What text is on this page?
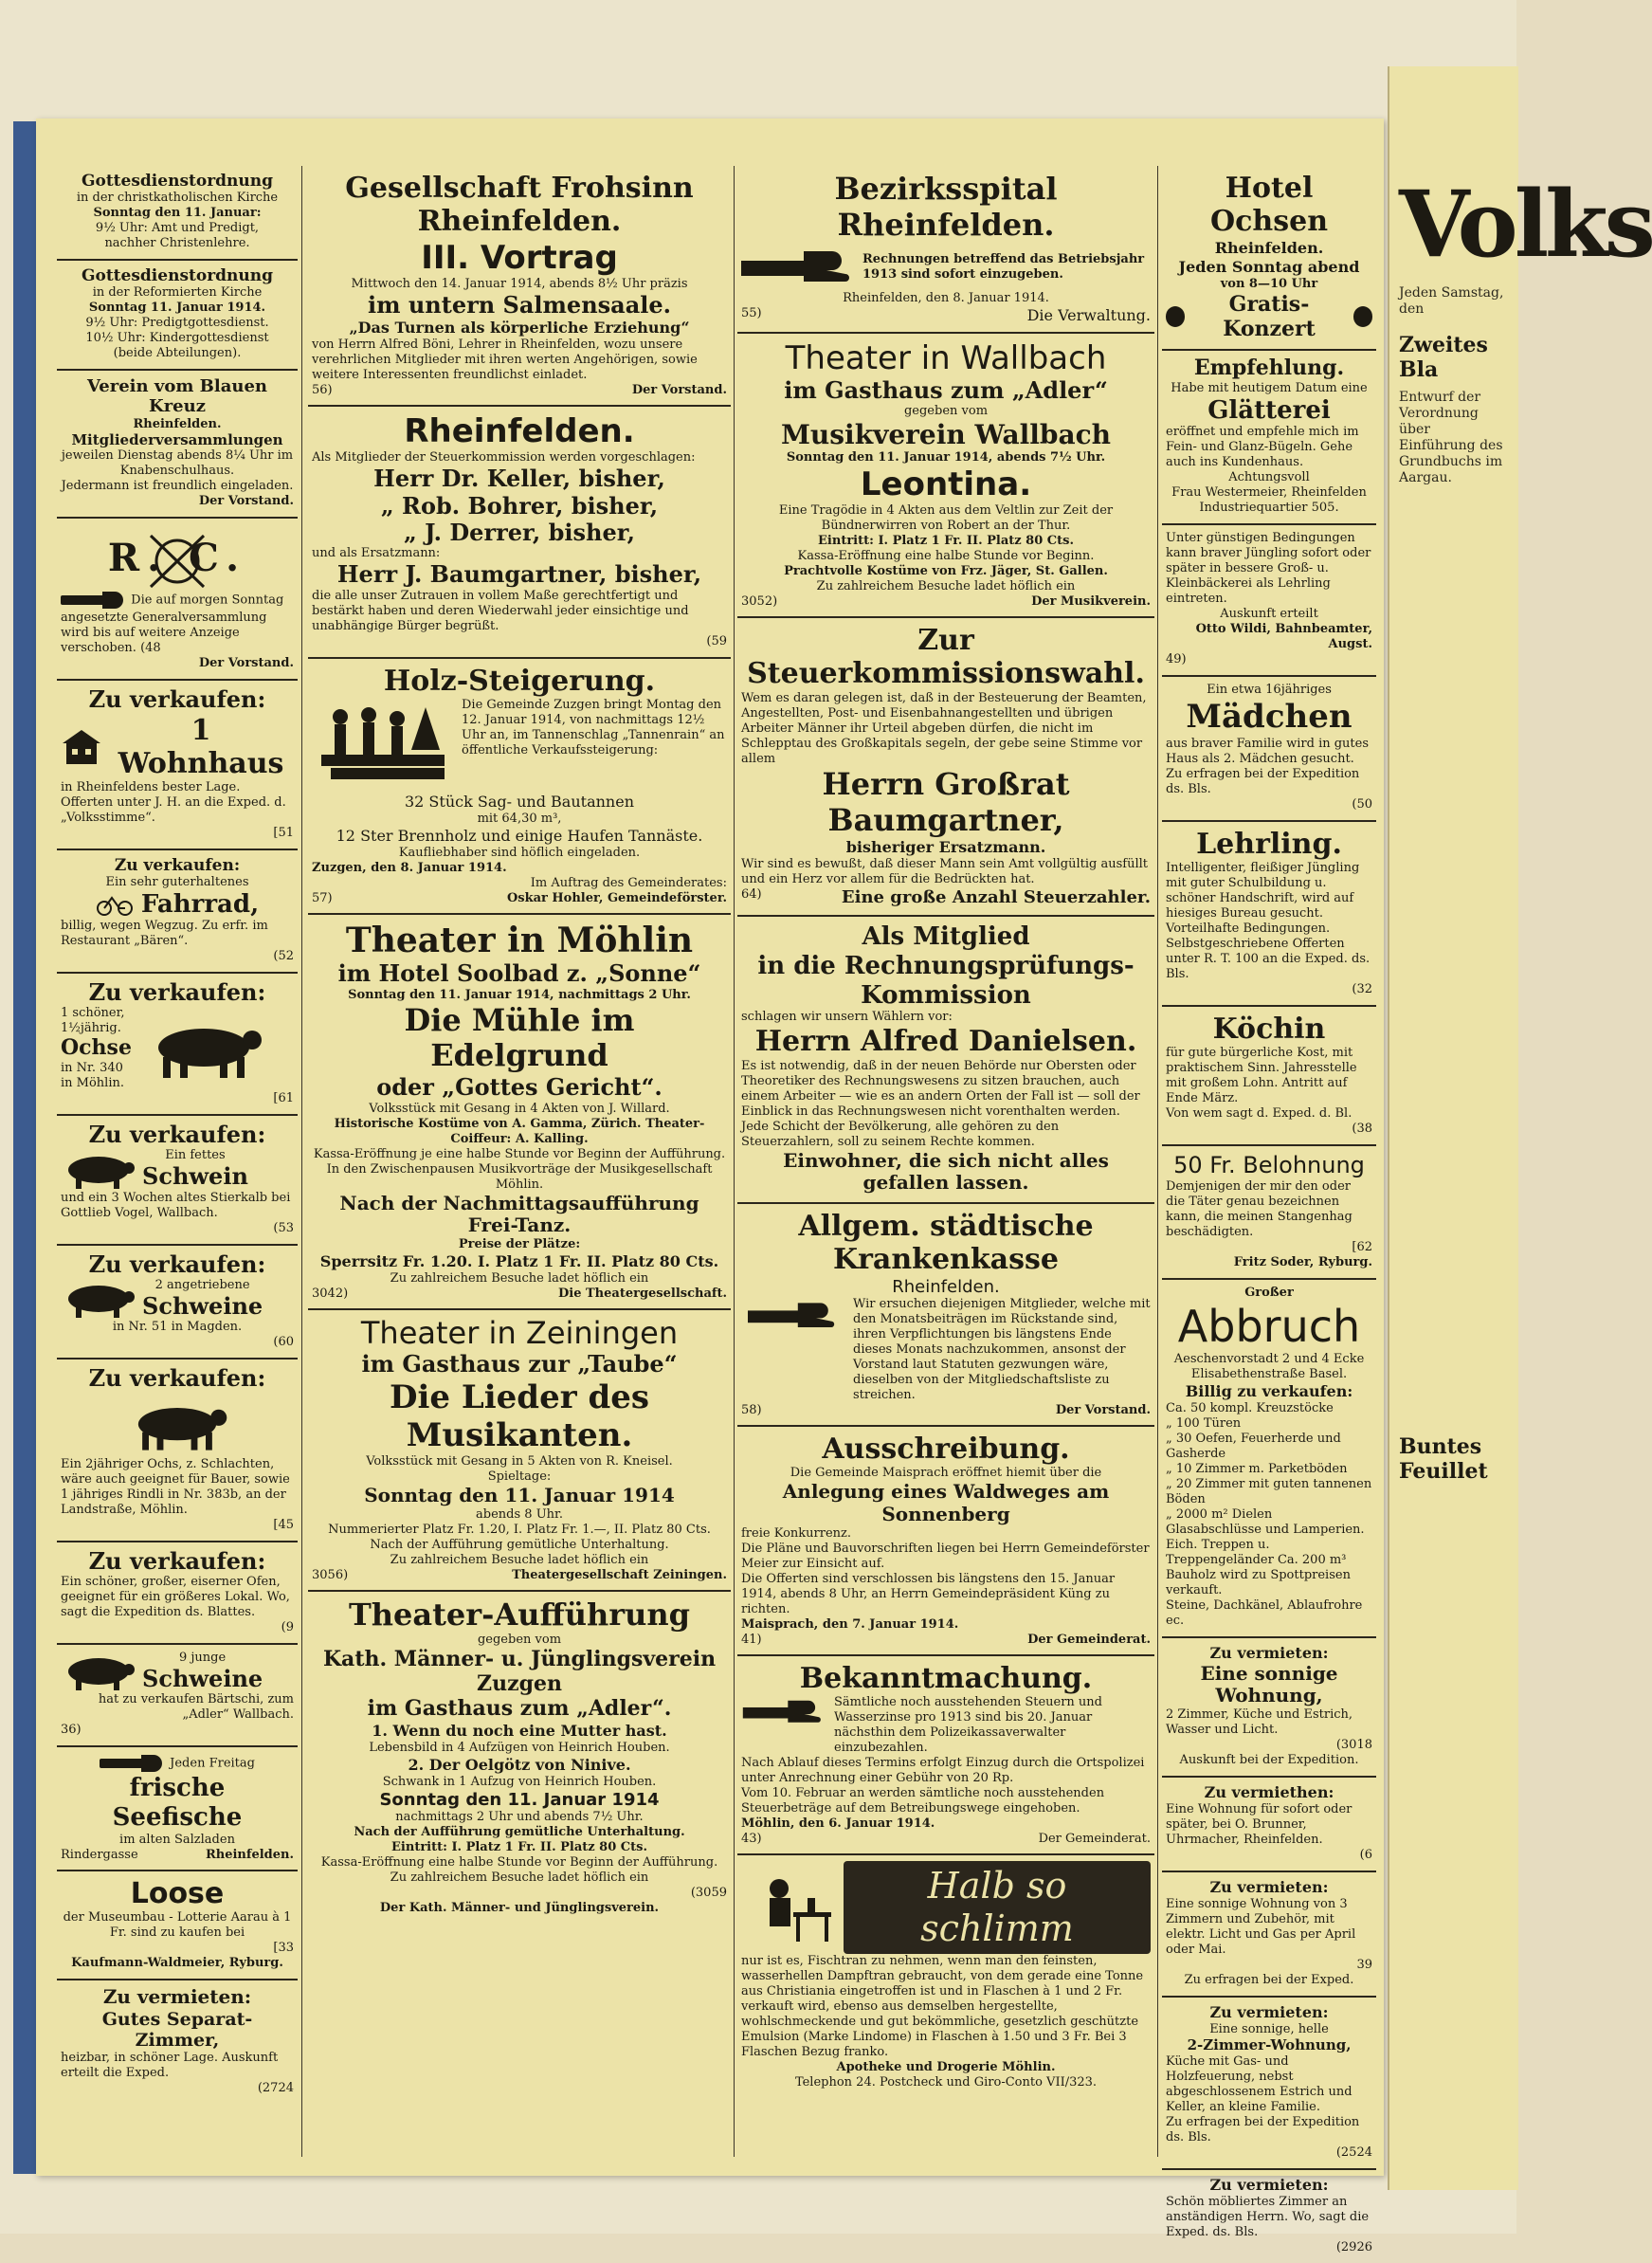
Volks
Jeden Samstag, den
Zweites Bla
Entwurf der Verordnung über Einführung des Grundbuchs im Aargau.
Buntes Feuillet

Gottesdienstordnung

in der christkatholischen Kirche

Sonntag den 11. Januar:

9½ Uhr: Amt und Predigt,

nachher Christenlehre.

Gottesdienstordnung

in der Reformierten Kirche

Sonntag 11. Januar 1914.

9½ Uhr: Predigtgottesdienst.

10½ Uhr: Kindergottesdienst

(beide Abteilungen).

Verein vom Blauen Kreuz

Rheinfelden.

Mitgliederversammlungen

jeweilen Dienstag abends 8¼ Uhr im Knabenschulhaus.

Jedermann ist freundlich eingeladen.

Der Vorstand.

R. C.

Die auf morgen Sonntag angesetzte Generalversammlung wird bis auf weitere Anzeige verschoben. (48

Der Vorstand.

Zu verkaufen:

1 Wohnhaus

in Rheinfeldens bester Lage. Offerten unter J. H. an die Exped. d. „Volksstimme“.

[51

Zu verkaufen:

Ein sehr guterhaltenes

Fahrrad,

billig, wegen Wegzug. Zu erfr. im Restaurant „Bären“.

(52

Zu verkaufen:

1 schöner, 1½jährig.

Ochse

in Nr. 340 in Möhlin.

[61

Zu verkaufen:

Ein fettes

Schwein

und ein 3 Wochen altes Stierkalb bei Gottlieb Vogel, Wallbach.

(53

Zu verkaufen:

2 angetriebene

Schweine

in Nr. 51 in Magden.

(60

Zu verkaufen:

Ein 2jähriger Ochs, z. Schlachten, wäre auch geeignet für Bauer, sowie 1 jähriges Rindli in Nr. 383b, an der Landstraße, Möhlin.

[45

Zu verkaufen:

Ein schöner, großer, eiserner Ofen, geeignet für ein größeres Lokal. Wo, sagt die Expedition ds. Blattes.

(9

9 junge

Schweine

hat zu verkaufen Bärtschi, zum „Adler“ Wallbach.

36)

Jeden Freitag

frische Seefische

im alten Salzladen

Rindergasse	Rheinfelden.

Loose

der Museumbau - Lotterie Aarau à 1 Fr. sind zu kaufen bei

[33

Kaufmann-Waldmeier, Ryburg.

Zu vermieten:

Gutes Separat-Zimmer,

heizbar, in schöner Lage. Auskunft erteilt die Exped.

(2724

Gesellschaft Frohsinn Rheinfelden.

III. Vortrag

Mittwoch den 14. Januar 1914, abends 8½ Uhr präzis

im untern Salmensaale.

„Das Turnen als körperliche Erziehung“

von Herrn Alfred Böni, Lehrer in Rheinfelden, wozu unsere verehrlichen Mitglieder mit ihren werten Angehörigen, sowie weitere Interessenten freundlichst einladet.

56)	Der Vorstand.

Rheinfelden.

Als Mitglieder der Steuerkommission werden vorgeschlagen:

Herr Dr. Keller, bisher,

„ Rob. Bohrer, bisher,

„ J. Derrer, bisher,

und als Ersatzmann:

Herr J. Baumgartner, bisher,

die alle unser Zutrauen in vollem Maße gerechtfertigt und bestärkt haben und deren Wiederwahl jeder einsichtige und unabhängige Bürger begrüßt.

(59

Holz-Steigerung.

Die Gemeinde Zuzgen bringt Montag den 12. Januar 1914, von nachmittags 12½ Uhr an, im Tannenschlag „Tannenrain“ an öffentliche Verkaufssteigerung:

32 Stück Sag- und Bautannen

mit 64,30 m³,

12 Ster Brennholz und einige Haufen Tannäste.

Kaufliebhaber sind höflich eingeladen.

Zuzgen, den 8. Januar 1914.

Im Auftrag des Gemeinderates:

57)	Oskar Hohler, Gemeindeförster.

Theater in Möhlin

im Hotel Soolbad z. „Sonne“

Sonntag den 11. Januar 1914, nachmittags 2 Uhr.

Die Mühle im Edelgrund

oder „Gottes Gericht“.

Volksstück mit Gesang in 4 Akten von J. Willard.

Historische Kostüme von A. Gamma, Zürich. Theater-Coiffeur: A. Kalling.

Kassa-Eröffnung je eine halbe Stunde vor Beginn der Aufführung. In den Zwischenpausen Musikvorträge der Musikgesellschaft Möhlin.

Nach der Nachmittagsaufführung Frei-Tanz.

Preise der Plätze:

Sperrsitz Fr. 1.20. I. Platz 1 Fr. II. Platz 80 Cts.

Zu zahlreichem Besuche ladet höflich ein

3042)	Die Theatergesellschaft.

Theater in Zeiningen

im Gasthaus zur „Taube“

Die Lieder des Musikanten.

Volksstück mit Gesang in 5 Akten von R. Kneisel.

Spieltage:

Sonntag den 11. Januar 1914

abends 8 Uhr.

Nummerierter Platz Fr. 1.20, I. Platz Fr. 1.—, II. Platz 80 Cts.

Nach der Aufführung gemütliche Unterhaltung.

Zu zahlreichem Besuche ladet höflich ein

3056)	Theatergesellschaft Zeiningen.

Theater-Aufführung

gegeben vom

Kath. Männer- u. Jünglingsverein Zuzgen

im Gasthaus zum „Adler“.

1. Wenn du noch eine Mutter hast.

Lebensbild in 4 Aufzügen von Heinrich Houben.

2. Der Oelgötz von Ninive.

Schwank in 1 Aufzug von Heinrich Houben.

Sonntag den 11. Januar 1914

nachmittags 2 Uhr und abends 7½ Uhr.

Nach der Aufführung gemütliche Unterhaltung.

Eintritt: I. Platz 1 Fr. II. Platz 80 Cts.

Kassa-Eröffnung eine halbe Stunde vor Beginn der Aufführung.

Zu zahlreichem Besuche ladet höflich ein

(3059

Der Kath. Männer- und Jünglingsverein.

Bezirksspital Rheinfelden.

Rechnungen betreffend das Betriebsjahr 1913 sind sofort einzugeben.

Rheinfelden, den 8. Januar 1914.

55)	Die Verwaltung.

Theater in Wallbach

im Gasthaus zum „Adler“

gegeben vom

Musikverein Wallbach

Sonntag den 11. Januar 1914, abends 7½ Uhr.

Leontina.

Eine Tragödie in 4 Akten aus dem Veltlin zur Zeit der Bündnerwirren von Robert an der Thur.

Eintritt: I. Platz 1 Fr. II. Platz 80 Cts.

Kassa-Eröffnung eine halbe Stunde vor Beginn.

Prachtvolle Kostüme von Frz. Jäger, St. Gallen.

Zu zahlreichem Besuche ladet höflich ein

3052)	Der Musikverein.

Zur Steuerkommissionswahl.

Wem es daran gelegen ist, daß in der Besteuerung der Beamten, Angestellten, Post- und Eisenbahnangestellten und übrigen Arbeiter Männer ihr Urteil abgeben dürfen, die nicht im Schlepptau des Großkapitals segeln, der gebe seine Stimme vor allem

Herrn Großrat Baumgartner,

bisheriger Ersatzmann.

Wir sind es bewußt, daß dieser Mann sein Amt vollgültig ausfüllt und ein Herz vor allem für die Bedrückten hat.

64)	Eine große Anzahl Steuerzahler.

Als Mitglied

in die Rechnungsprüfungs-Kommission

schlagen wir unsern Wählern vor:

Herrn Alfred Danielsen.

Es ist notwendig, daß in der neuen Behörde nur Obersten oder Theoretiker des Rechnungswesens zu sitzen brauchen, auch einem Arbeiter — wie es an andern Orten der Fall ist — soll der Einblick in das Rechnungswesen nicht vorenthalten werden. Jede Schicht der Bevölkerung, alle gehören zu den Steuerzahlern, soll zu seinem Rechte kommen.

Einwohner, die sich nicht alles gefallen lassen.

Allgem. städtische Krankenkasse

Rheinfelden.

Wir ersuchen diejenigen Mitglieder, welche mit den Monatsbeiträgen im Rückstande sind, ihren Verpflichtungen bis längstens Ende dieses Monats nachzukommen, ansonst der Vorstand laut Statuten gezwungen wäre, dieselben von der Mitgliedschaftsliste zu streichen.

58)	Der Vorstand.

Ausschreibung.

Die Gemeinde Maisprach eröffnet hiemit über die

Anlegung eines Waldweges am Sonnenberg

freie Konkurrenz.

Die Pläne und Bauvorschriften liegen bei Herrn Gemeindeförster Meier zur Einsicht auf.

Die Offerten sind verschlossen bis längstens den 15. Januar 1914, abends 8 Uhr, an Herrn Gemeindepräsident Küng zu richten.

Maisprach, den 7. Januar 1914.

41)	Der Gemeinderat.

Bekanntmachung.

Sämtliche noch ausstehenden Steuern und Wasserzinse pro 1913 sind bis 20. Januar nächsthin dem Polizeikassaverwalter einzubezahlen.

Nach Ablauf dieses Termins erfolgt Einzug durch die Ortspolizei unter Anrechnung einer Gebühr von 20 Rp.

Vom 10. Februar an werden sämtliche noch ausstehenden Steuerbeträge auf dem Betreibungswege eingehoben.

Möhlin, den 6. Januar 1914.

43)	Der Gemeinderat.

Halb so schlimm

nur ist es, Fischtran zu nehmen, wenn man den feinsten, wasserhellen Dampftran gebraucht, von dem gerade eine Tonne aus Christiania eingetroffen ist und in Flaschen à 1 und 2 Fr. verkauft wird, ebenso aus demselben hergestellte, wohlschmeckende und gut bekömmliche, gesetzlich geschützte Emulsion (Marke Lindome) in Flaschen à 1.50 und 3 Fr. Bei 3 Flaschen Bezug franko.

Apotheke und Drogerie Möhlin.

Telephon 24. Postcheck und Giro-Conto VII/323.

Hotel Ochsen

Rheinfelden.

Jeden Sonntag abend

von 8—10 Uhr

Gratis-Konzert

Empfehlung.

Habe mit heutigem Datum eine

Glätterei

eröffnet und empfehle mich im Fein- und Glanz-Bügeln. Gehe auch ins Kundenhaus.

Achtungsvoll

Frau Westermeier, Rheinfelden Industriequartier 505.

Unter günstigen Bedingungen kann braver Jüngling sofort oder später in bessere Groß- u. Kleinbäckerei als Lehrling eintreten.

Auskunft erteilt

Otto Wildi, Bahnbeamter, Augst.

49)

Ein etwa 16jähriges

Mädchen

aus braver Familie wird in gutes Haus als 2. Mädchen gesucht.

Zu erfragen bei der Expedition ds. Bls.

(50

Lehrling.

Intelligenter, fleißiger Jüngling mit guter Schulbildung u. schöner Handschrift, wird auf hiesiges Bureau gesucht. Vorteilhafte Bedingungen. Selbstgeschriebene Offerten unter R. T. 100 an die Exped. ds. Bls.

(32

Köchin

für gute bürgerliche Kost, mit praktischem Sinn. Jahresstelle mit großem Lohn. Antritt auf Ende März.

Von wem sagt d. Exped. d. Bl.

(38

50 Fr. Belohnung

Demjenigen der mir den oder die Täter genau bezeichnen kann, die meinen Stangenhag beschädigten.

[62

Fritz Soder, Ryburg.

Großer

Abbruch

Aeschenvorstadt 2 und 4 Ecke Elisabethenstraße Basel.

Billig zu verkaufen:

Ca. 50 kompl. Kreuzstöcke

„ 100 Türen

„ 30 Oefen, Feuerherde und Gasherde

„ 10 Zimmer m. Parketböden

„ 20 Zimmer mit guten tannenen Böden

„ 2000 m² Dielen

Glasabschlüsse und Lamperien. Eich. Treppen u. Treppengeländer Ca. 200 m³ Bauholz wird zu Spottpreisen verkauft.

Steine, Dachkänel, Ablaufrohre ec.

Zu vermieten:

Eine sonnige Wohnung,

2 Zimmer, Küche und Estrich, Wasser und Licht.

(3018

Auskunft bei der Expedition.

Zu vermiethen:

Eine Wohnung für sofort oder später, bei O. Brunner, Uhrmacher, Rheinfelden.

(6

Zu vermieten:

Eine sonnige Wohnung von 3 Zimmern und Zubehör, mit elektr. Licht und Gas per April oder Mai.

39

Zu erfragen bei der Exped.

Zu vermieten:

Eine sonnige, helle

2-Zimmer-Wohnung,

Küche mit Gas- und Holzfeuerung, nebst abgeschlossenem Estrich und Keller, an kleine Familie.

Zu erfragen bei der Expedition ds. Bls.

(2524

Zu vermieten:

Schön möbliertes Zimmer an anständigen Herrn. Wo, sagt die Exped. ds. Bls.

(2926
